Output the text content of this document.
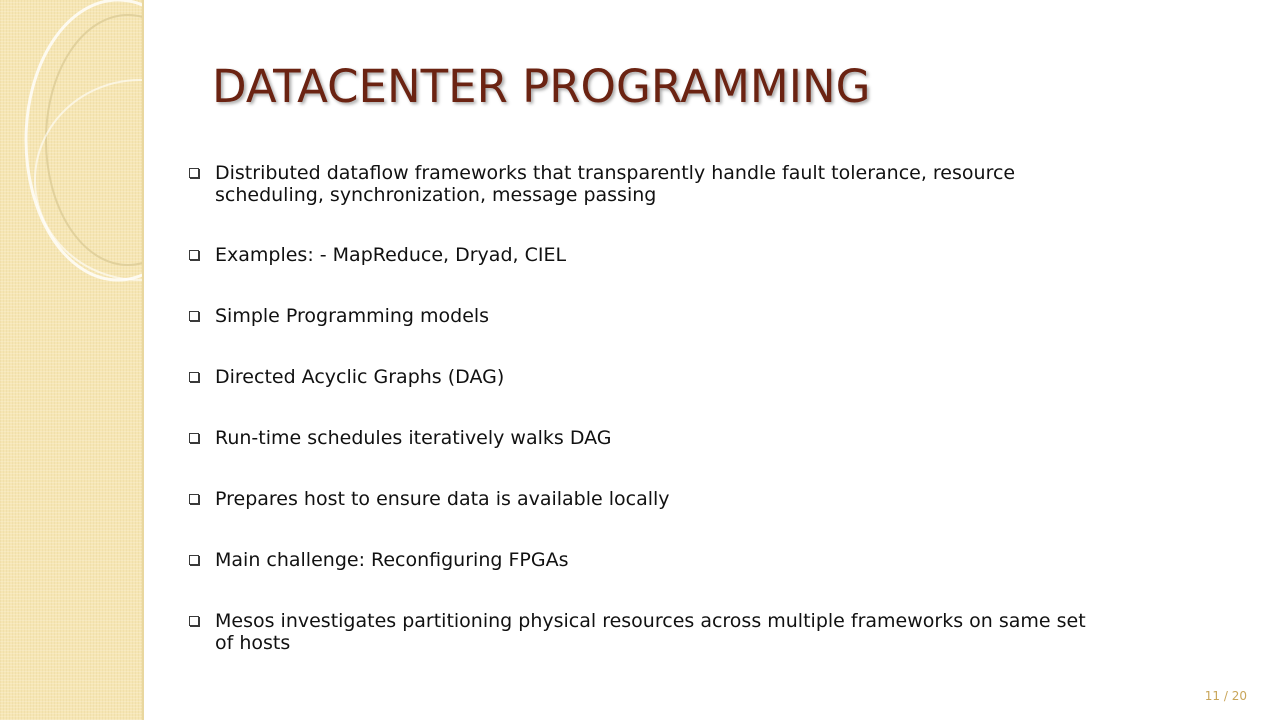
DATACENTER PROGRAMMING
Distributed dataflow frameworks that transparently handle fault tolerance, resource scheduling, synchronization, message passing
Examples: - MapReduce, Dryad, CIEL
Simple Programming models
Directed Acyclic Graphs (DAG)
Run-time schedules iteratively walks DAG
Prepares host to ensure data is available locally
Main challenge: Reconfiguring FPGAs
Mesos investigates partitioning physical resources across multiple frameworks on same set of hosts
11 / 20
